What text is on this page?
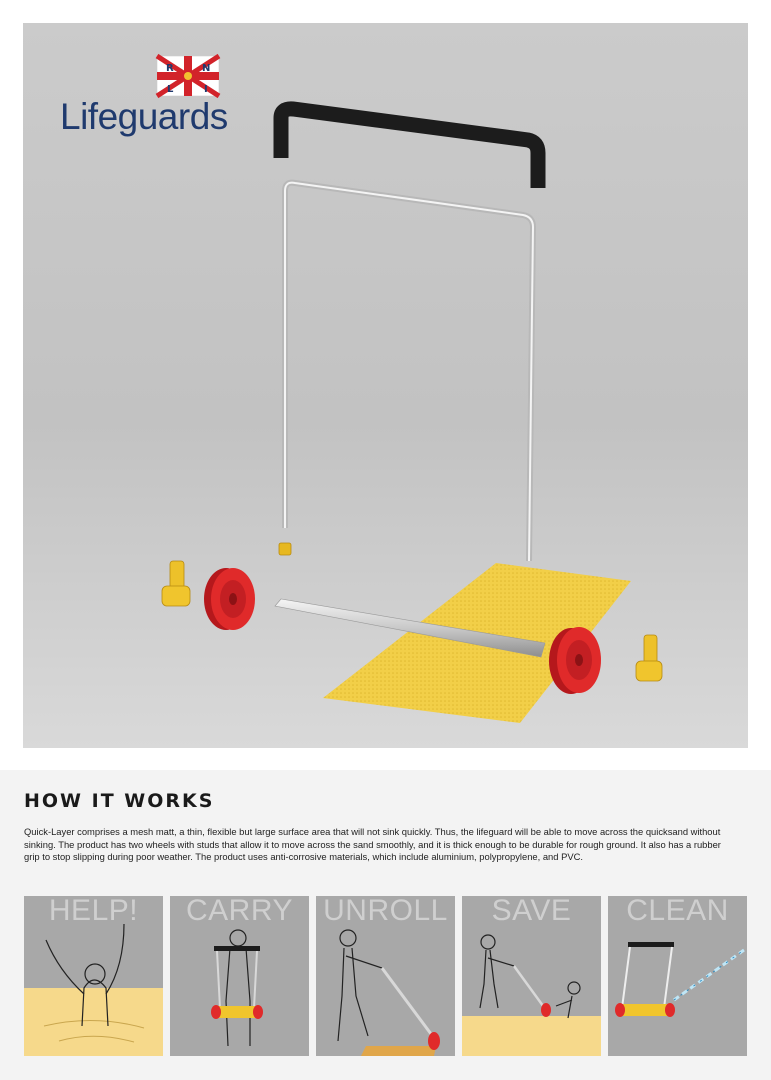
R	N
L	I
Lifeguards
HOW IT WORKS

Quick-Layer comprises a mesh matt, a thin, flexible but large surface area that will not sink quickly. Thus, the lifeguard will be able to move across the quicksand without sinking. The product has two wheels with studs that allow it to move across the sand smoothly, and it is thick enough to be durable for rough ground. It also has a rubber grip to stop slipping during poor weather. The product uses anti-corrosive materials, which include aluminium, polypropylene, and PVC.

HELP!	CARRY	UNROLL	SAVE	CLEAN
